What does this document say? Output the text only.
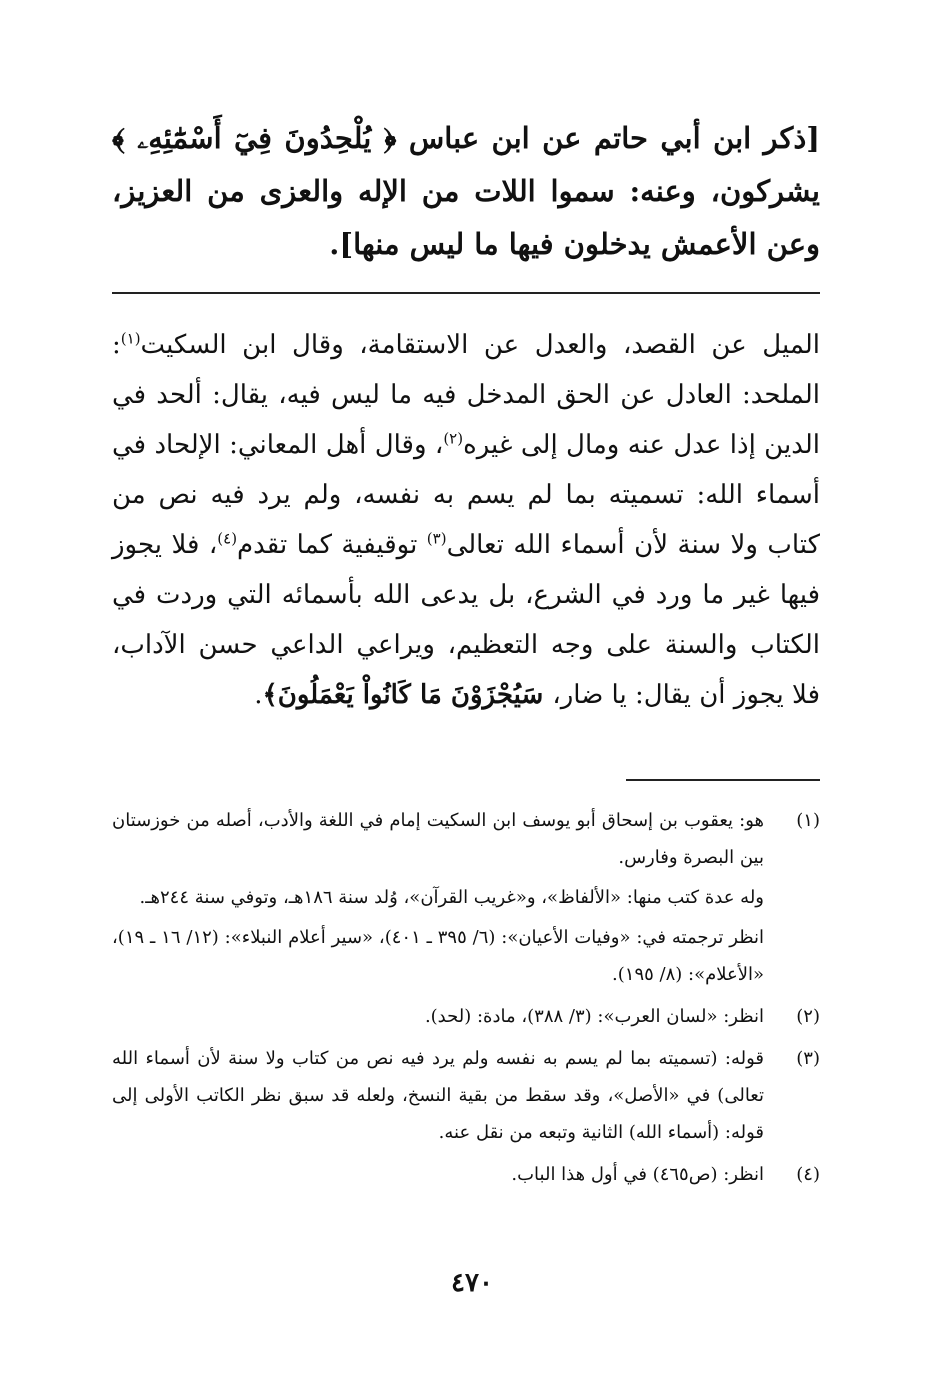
[ذكر ابن أبي حاتم عن ابن عباس ﴿ يُلْحِدُونَ فِيٓ أَسْمَٰٓئِهِۦ ﴾ يشركون، وعنه: سموا اللات من الإله والعزى من العزيز، وعن الأعمش يدخلون فيها ما ليس منها].
الميل عن القصد، والعدل عن الاستقامة، وقال ابن السكيت$^{(١)}$: الملحد: العادل عن الحق المدخل فيه ما ليس فيه، يقال: ألحد في الدين إذا عدل عنه ومال إلى غيره$^{(٢)}$، وقال أهل المعاني: الإلحاد في أسماء الله: تسميته بما لم يسم به نفسه، ولم يرد فيه نص من كتاب ولا سنة لأن أسماء الله تعالى$^{(٣)}$ توقيفية كما تقدم$^{(٤)}$، فلا يجوز فيها غير ما ورد في الشرع، بل يدعى الله بأسمائه التي وردت في الكتاب والسنة على وجه التعظيم، ويراعي الداعي حسن الآداب، فلا يجوز أن يقال: يا ضار، سَيُجْزَوْنَ مَا كَانُواْ يَعْمَلُونَ﴾.
(١)

هو: يعقوب بن إسحاق أبو يوسف ابن السكيت إمام في اللغة والأدب، أصله من خوزستان بين البصرة وفارس.

وله عدة كتب منها: «الألفاظ»، و«غريب القرآن»، وُلد سنة ١٨٦هـ، وتوفي سنة ٢٤٤هـ.

انظر ترجمته في: «وفيات الأعيان»: (٦/ ٣٩٥ ـ ٤٠١)، «سير أعلام النبلاء»: (١٢/ ١٦ ـ ١٩)، «الأعلام»: (٨/ ١٩٥).

(٢)

انظر: «لسان العرب»: (٣/ ٣٨٨)، مادة: (لحد).

(٣)

قوله: (تسميته بما لم يسم به نفسه ولم يرد فيه نص من كتاب ولا سنة لأن أسماء الله تعالى) في «الأصل»، وقد سقط من بقية النسخ، ولعله قد سبق نظر الكاتب الأولى إلى قوله: (أسماء الله) الثانية وتبعه من نقل عنه.

(٤)

انظر: (ص٤٦٥) في أول هذا الباب.

٤٧٠
